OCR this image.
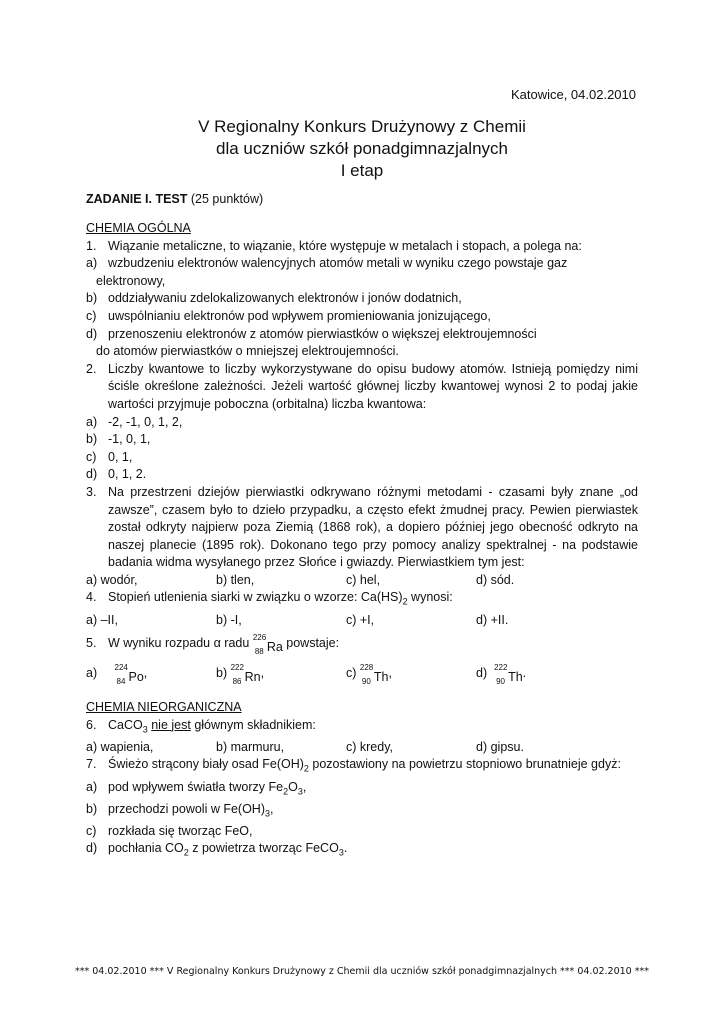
Katowice, 04.02.2010
V Regionalny Konkurs Drużynowy z Chemii
dla uczniów szkół ponadgimnazjalnych
I etap
ZADANIE I. TEST (25 punktów)
CHEMIA OGÓLNA
1. Wiązanie metaliczne, to wiązanie, które występuje w metalach i stopach, a polega na:
a) wzbudzeniu elektronów walencyjnych atomów metali w wyniku czego powstaje gaz
elektronowy,
b) oddziaływaniu zdelokalizowanych elektronów i jonów dodatnich,
c) uwspólnianiu elektronów pod wpływem promieniowania jonizującego,
d) przenoszeniu elektronów z atomów pierwiastków o większej elektroujemności
do atomów pierwiastków o mniejszej elektroujemności.
2. Liczby kwantowe to liczby wykorzystywane do opisu budowy atomów. Istnieją pomiędzy nimi ściśle określone zależności. Jeżeli wartość głównej liczby kwantowej wynosi 2 to podaj jakie wartości przyjmuje poboczna (orbitalna) liczba kwantowa:
a) -2, -1, 0, 1, 2,
b) -1, 0, 1,
c) 0, 1,
d) 0, 1, 2.
3. Na przestrzeni dziejów pierwiastki odkrywano różnymi metodami - czasami były znane „od zawsze”, czasem było to dzieło przypadku, a często efekt żmudnej pracy. Pewien pierwiastek został odkryty najpierw poza Ziemią (1868 rok), a dopiero później jego obecność odkryto na naszej planecie (1895 rok). Dokonano tego przy pomocy analizy spektralnej - na podstawie badania widma wysyłanego przez Słońce i gwiazdy. Pierwiastkiem tym jest:
a) wodór,	b) tlen,	c) hel,	d) sód.
4. Stopień utlenienia siarki w związku o wzorze: $Ca(HS)_2$ wynosi:
a) –II,	b) -I,	c) +I,	d) +II.
5. W wyniku rozpadu α radu 226
88 Ra powstaje:
a) 224
84 Po,	b) 222
86 Rn,	c) 228
90 Th,	d) 222
90 Th.
CHEMIA NIEORGANICZNA
6. CaCO$_3$ nie jest głównym składnikiem:
a) wapienia,	b) marmuru,	c) kredy,	d) gipsu.
7. Świeżo strącony biały osad $Fe(OH)_2$ pozostawiony na powietrzu stopniowo brunatnieje gdyż:
a) pod wpływem światła tworzy $Fe_2O_3$,
b) przechodzi powoli w $Fe(OH)_3$,
c) rozkłada się tworząc FeO,
d) pochłania $CO_2$ z powietrza tworząc FeCO$_3$.
*** 04.02.2010 *** V Regionalny Konkurs Drużynowy z Chemii dla uczniów szkół ponadgimnazjalnych *** 04.02.2010 ***
